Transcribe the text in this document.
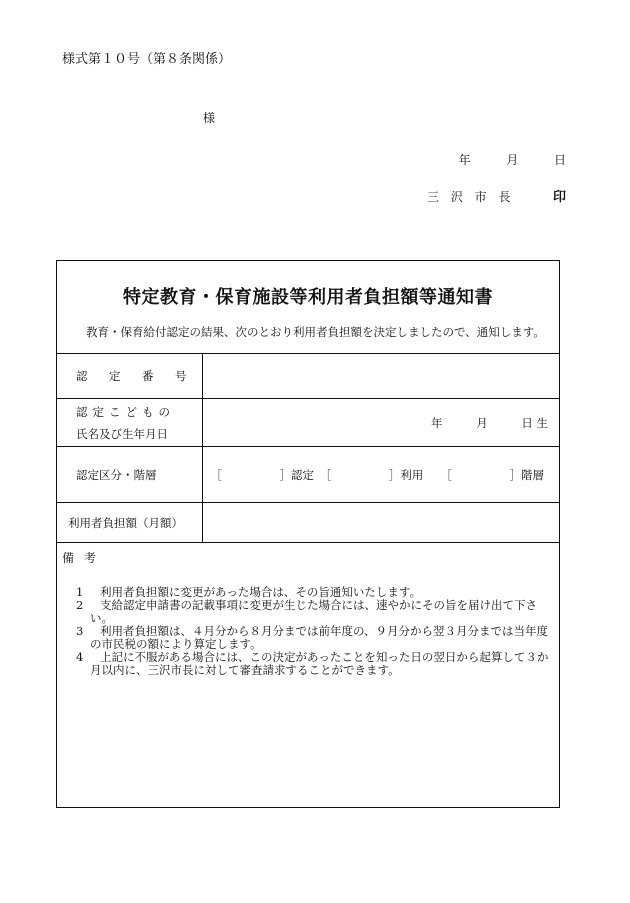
様式第１０号（第８条関係）
様
年	月	日
三 沢 市 長	印
特定教育・保育施設等利用者負担額等通知書
教育・保育給付認定の結果、次のとおり利用者負担額を決定しましたので、通知します。
認　定　番　号	

認定こどもの
氏名及び生年月日	年 月 日 生
認定区分・階層	［　　　　　］認定　［　　　　　］利用　　［　　　　　］階層
利用者負担額（月額）	
備考

1	利用者負担額に変更があった場合は、その旨通知いたします。

2	支給認定申請書の記載事項に変更が生じた場合には、速やかにその旨を届け出て下さい。

3	利用者負担額は、４月分から８月分までは前年度の、９月分から翌３月分までは当年度の市民税の額により算定します。

4	上記に不服がある場合には、この決定があったことを知った日の翌日から起算して３か月以内に、三沢市長に対して審査請求することができます。
